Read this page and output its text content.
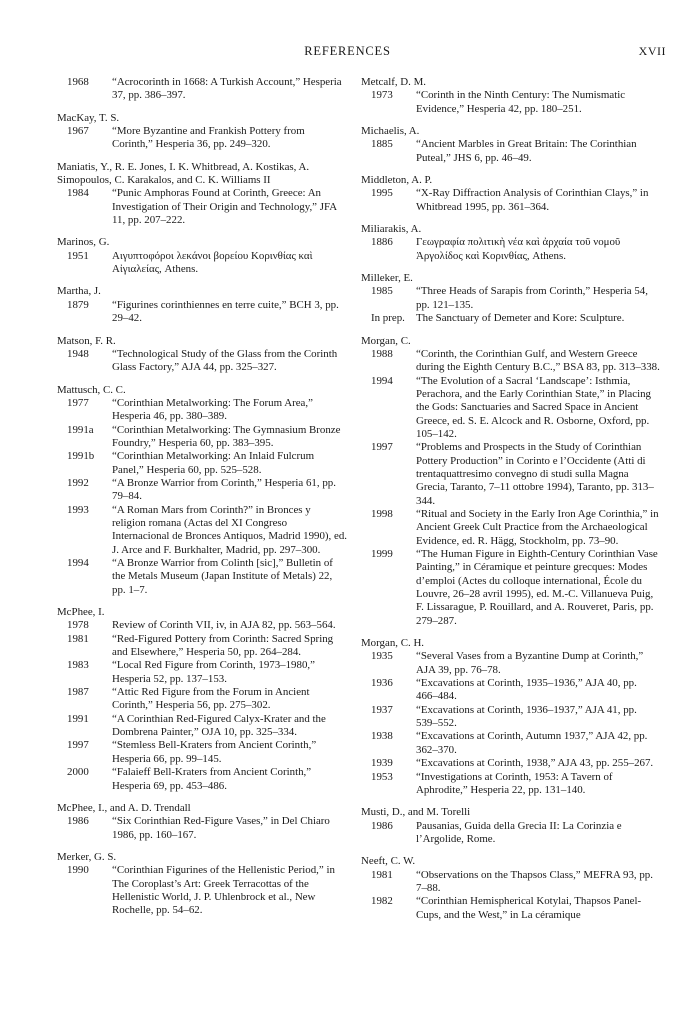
REFERENCES	XVII
1968 “Acrocorinth in 1668: A Turkish Account,” Hesperia 37, pp. 386–397.
MacKay, T. S.
1967 “More Byzantine and Frankish Pottery from Corinth,” Hesperia 36, pp. 249–320.
Maniatis, Y., R. E. Jones, I. K. Whitbread, A. Kostikas, A. Simopoulos, C. Karakalos, and C. K. Williams II
1984 “Punic Amphoras Found at Corinth, Greece: An Investigation of Their Origin and Technology,” JFA 11, pp. 207–222.
Marinos, G.
1951 Αιγυπτοφόροι λεκάνοι βορείου Κορινθίας καὶ Αἰγιαλείας, Athens.
Martha, J.
1879 “Figurines corinthiennes en terre cuite,” BCH 3, pp. 29–42.
Matson, F. R.
1948 “Technological Study of the Glass from the Corinth Glass Factory,” AJA 44, pp. 325–327.
Mattusch, C. C.
1977 “Corinthian Metalworking: The Forum Area,” Hesperia 46, pp. 380–389.
1991a “Corinthian Metalworking: The Gymnasium Bronze Foundry,” Hesperia 60, pp. 383–395.
1991b “Corinthian Metalworking: An Inlaid Fulcrum Panel,” Hesperia 60, pp. 525–528.
1992 “A Bronze Warrior from Corinth,” Hesperia 61, pp. 79–84.
1993 “A Roman Mars from Corinth?” in Bronces y religion romana (Actas del XI Congreso Internacional de Bronces Antiquos, Madrid 1990), ed. J. Arce and F. Burkhalter, Madrid, pp. 297–300.
1994 “A Bronze Warrior from Colinth [sic],” Bulletin of the Metals Museum (Japan Institute of Metals) 22, pp. 1–7.
McPhee, I.
1978 Review of Corinth VII, iv, in AJA 82, pp. 563–564.
1981 “Red-Figured Pottery from Corinth: Sacred Spring and Elsewhere,” Hesperia 50, pp. 264–284.
1983 “Local Red Figure from Corinth, 1973–1980,” Hesperia 52, pp. 137–153.
1987 “Attic Red Figure from the Forum in Ancient Corinth,” Hesperia 56, pp. 275–302.
1991 “A Corinthian Red-Figured Calyx-Krater and the Dombrena Painter,” OJA 10, pp. 325–334.
1997 “Stemless Bell-Kraters from Ancient Corinth,” Hesperia 66, pp. 99–145.
2000 “Falaieff Bell-Kraters from Ancient Corinth,” Hesperia 69, pp. 453–486.
McPhee, I., and A. D. Trendall
1986 “Six Corinthian Red-Figure Vases,” in Del Chiaro 1986, pp. 160–167.
Merker, G. S.
1990 “Corinthian Figurines of the Hellenistic Period,” in The Coroplast’s Art: Greek Terracottas of the Hellenistic World, J. P. Uhlenbrock et al., New Rochelle, pp. 54–62.
Metcalf, D. M.
1973 “Corinth in the Ninth Century: The Numismatic Evidence,” Hesperia 42, pp. 180–251.
Michaelis, A.
1885 “Ancient Marbles in Great Britain: The Corinthian Puteal,” JHS 6, pp. 46–49.
Middleton, A. P.
1995 “X-Ray Diffraction Analysis of Corinthian Clays,” in Whitbread 1995, pp. 361–364.
Miliarakis, A.
1886 Γεωγραφία πολιτικὴ νέα καὶ ἀρχαία τοῦ νομοῦ Ἀργολίδος καὶ Κορινθίας, Athens.
Milleker, E.
1985 “Three Heads of Sarapis from Corinth,” Hesperia 54, pp. 121–135.
In prep. The Sanctuary of Demeter and Kore: Sculpture.
Morgan, C.
1988 “Corinth, the Corinthian Gulf, and Western Greece during the Eighth Century B.C.,” BSA 83, pp. 313–338.
1994 “The Evolution of a Sacral ‘Landscape’: Isthmia, Perachora, and the Early Corinthian State,” in Placing the Gods: Sanctuaries and Sacred Space in Ancient Greece, ed. S. E. Alcock and R. Osborne, Oxford, pp. 105–142.
1997 “Problems and Prospects in the Study of Corinthian Pottery Production” in Corinto e l’Occidente (Atti di trentaquattresimo convegno di studi sulla Magna Grecia, Taranto, 7–11 ottobre 1994), Taranto, pp. 313–344.
1998 “Ritual and Society in the Early Iron Age Corinthia,” in Ancient Greek Cult Practice from the Archaeological Evidence, ed. R. Hägg, Stockholm, pp. 73–90.
1999 “The Human Figure in Eighth-Century Corinthian Vase Painting,” in Céramique et peinture grecques: Modes d’emploi (Actes du colloque international, École du Louvre, 26–28 avril 1995), ed. M.-C. Villanueva Puig, F. Lissarague, P. Rouillard, and A. Rouveret, Paris, pp. 279–287.
Morgan, C. H.
1935 “Several Vases from a Byzantine Dump at Corinth,” AJA 39, pp. 76–78.
1936 “Excavations at Corinth, 1935–1936,” AJA 40, pp. 466–484.
1937 “Excavations at Corinth, 1936–1937,” AJA 41, pp. 539–552.
1938 “Excavations at Corinth, Autumn 1937,” AJA 42, pp. 362–370.
1939 “Excavations at Corinth, 1938,” AJA 43, pp. 255–267.
1953 “Investigations at Corinth, 1953: A Tavern of Aphrodite,” Hesperia 22, pp. 131–140.
Musti, D., and M. Torelli
1986 Pausanias, Guida della Grecia II: La Corinzia e l’Argolide, Rome.
Neeft, C. W.
1981 “Observations on the Thapsos Class,” MEFRA 93, pp. 7–88.
1982 “Corinthian Hemispherical Kotylai, Thapsos Panel-Cups, and the West,” in La céramique
